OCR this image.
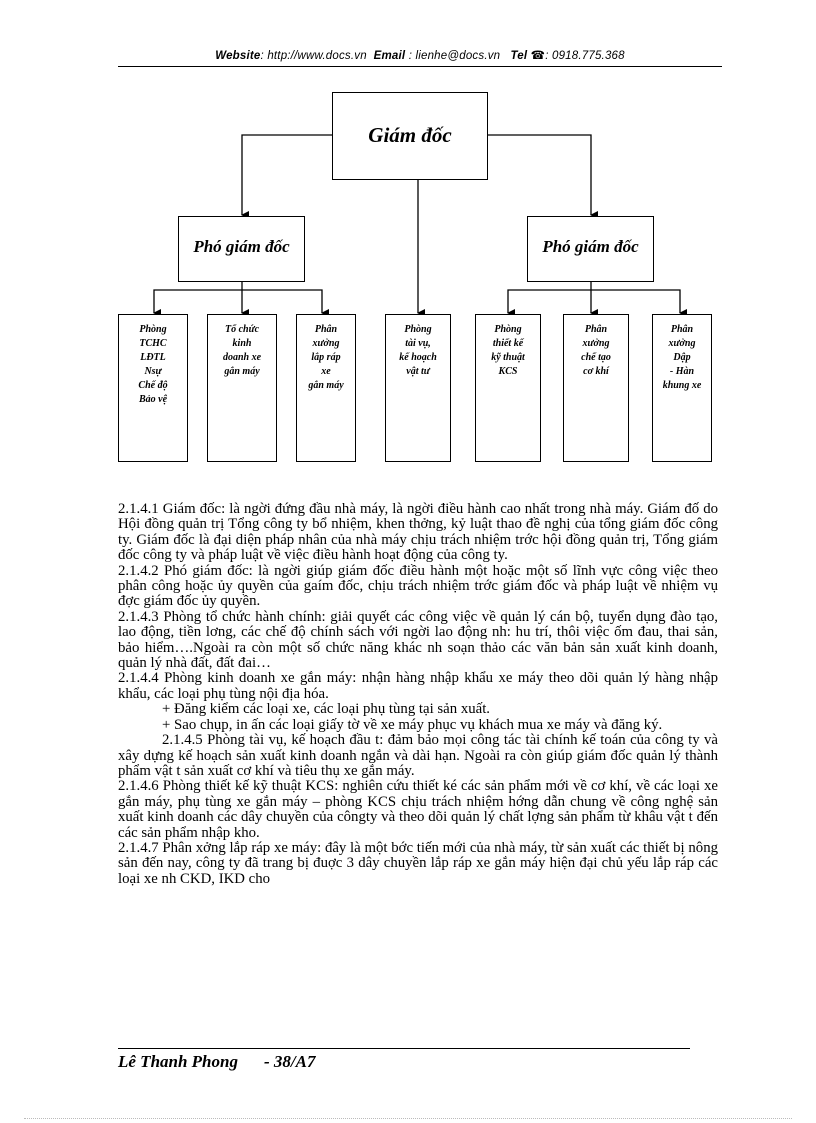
Website: http://www.docs.vn Email : lienhe@docs.vn Tel ☎: 0918.775.368
Giám đốc
Phó giám đốc	Phó giám đốc
Phòng
TCHC
LĐTL
Nsự
Chế độ
Bảo vệ
Tổ chức
kinh
doanh xe
gắn máy
Phân
xưởng
lắp ráp
xe
gắn máy
Phòng
tài vụ,
kế hoạch
vật tư
Phòng
thiết kế
kỹ thuật
KCS
Phân
xưởng
chế tạo
cơ khí
Phân
xưởng
Dập
- Hàn
khung xe

2.1.4.1 Giám đốc: là ngời đứng đầu nhà máy, là ngời điều hành cao nhất trong nhà máy. Giám đố do Hội đồng quản trị Tổng công ty bổ nhiệm, khen thởng, kỷ luật thao đề nghị của tổng giám đốc công ty. Giám đốc là đại diện pháp nhân của nhà máy chịu trách nhiệm trớc hội đồng quản trị, Tổng giám đốc công ty và pháp luật về việc điều hành hoạt động của công ty.

2.1.4.2 Phó giám đốc: là ngời giúp giám đốc điều hành một hoặc một số lĩnh vực công việc theo phân công hoặc ủy quyền của gaím đốc, chịu trách nhiệm trớc giám đốc và pháp luật về nhiệm vụ đợc giám đốc ủy quyền.

2.1.4.3 Phòng tổ chức hành chính: giải quyết các công việc về quản lý cán bộ, tuyển dụng đào tạo, lao động, tiền lơng, các chế độ chính sách với ngời lao động nh: hu trí, thôi việc ốm đau, thai sản, bảo hiểm….Ngoài ra còn một số chức năng khác nh soạn thảo các văn bản sản xuất kinh doanh, quản lý nhà đất, đất đai…

2.1.4.4 Phòng kinh doanh xe gắn máy: nhận hàng nhập khẩu xe máy theo dõi quản lý hàng nhập khẩu, các loại phụ tùng nội địa hóa.

+ Đăng kiểm các loại xe, các loại phụ tùng tại sản xuất.

+ Sao chụp, in ấn các loại giấy tờ về xe máy phục vụ khách mua xe máy và đăng ký.

2.1.4.5 Phòng tài vụ, kế hoạch đầu t: đảm bảo mọi công tác tài chính kế toán của công ty và xây dựng kế hoạch sản xuất kinh doanh ngắn và dài hạn. Ngoài ra còn giúp giám đốc quản lý thành phẩm vật t sản xuất cơ khí và tiêu thụ xe gắn máy.

2.1.4.6 Phòng thiết kế kỹ thuật KCS: nghiên cứu thiết ké các sản phẩm mới về cơ khí, về các loại xe gắn máy, phụ tùng xe gắn máy – phòng KCS chịu trách nhiệm hớng dẫn chung về công nghệ sản xuất kinh doanh các dây chuyền của côngty và theo dõi quản lý chất lợng sản phẩm từ khâu vật t đến các sản phẩm nhập kho.

2.1.4.7 Phân xởng lắp ráp xe máy: đây là một bớc tiến mới của nhà máy, từ sản xuất các thiết bị nông sản đến nay, công ty đã trang bị đuợc 3 dây chuyền lắp ráp xe gắn máy hiện đại chủ yếu lắp ráp các loại xe nh CKD, IKD cho

Lê Thanh Phong - 38/A7
